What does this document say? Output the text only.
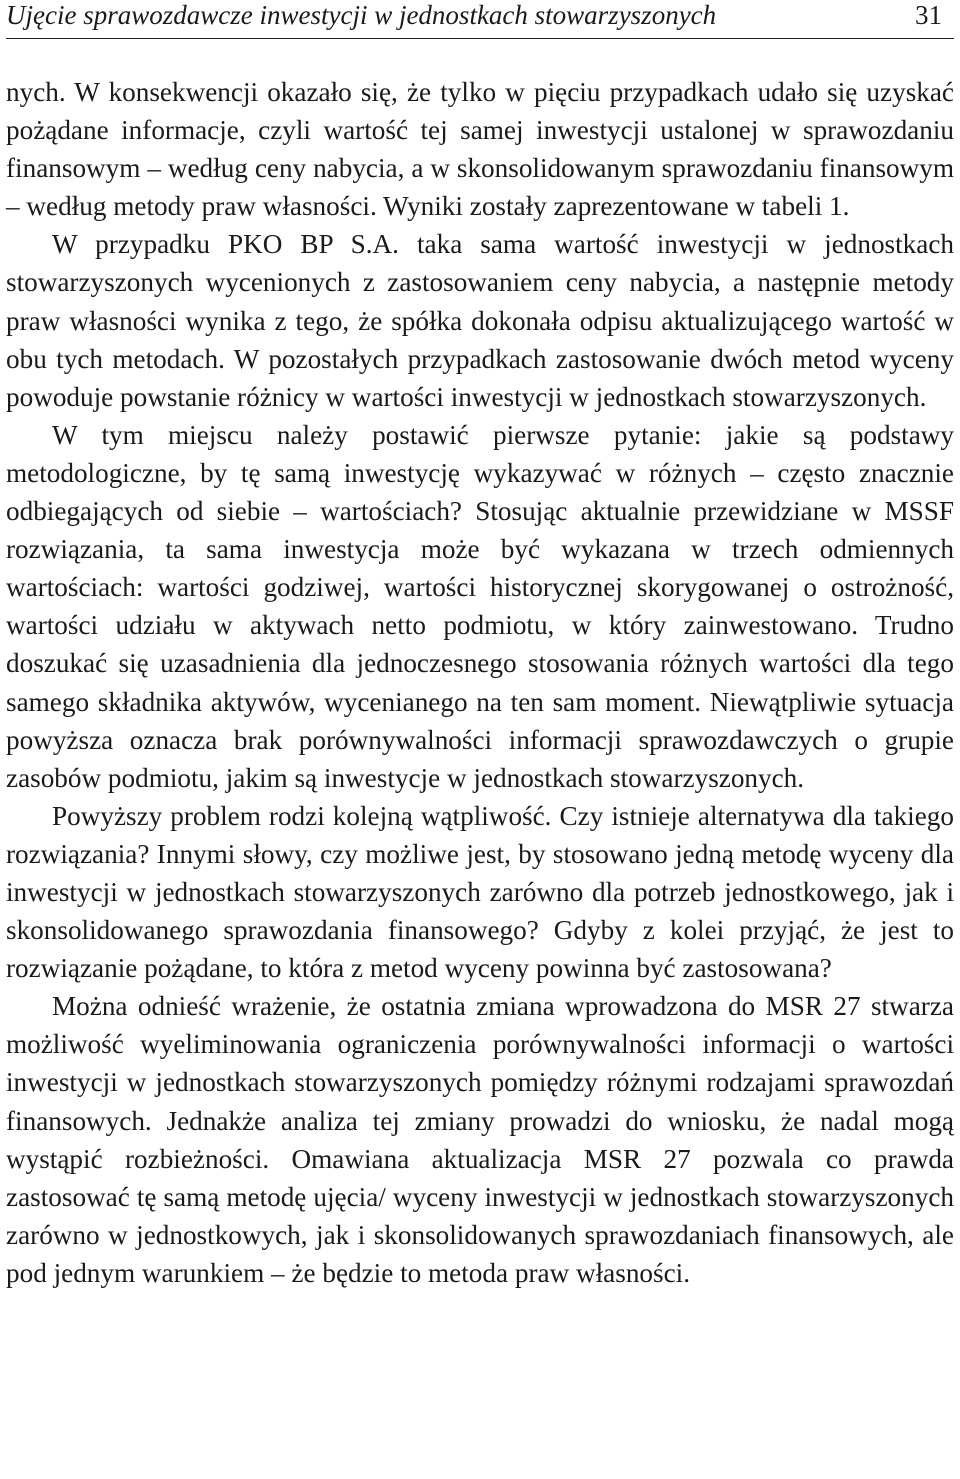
Ujęcie sprawozdawcze inwestycji w jednostkach stowarzyszonych	31

nych. W konsekwencji okazało się, że tylko w pięciu przypadkach udało się uzyskać pożądane informacje, czyli wartość tej samej inwestycji ustalonej w sprawozdaniu finansowym – według ceny nabycia, a w skonsolidowanym sprawozdaniu finansowym – według metody praw własności. Wyniki zostały zaprezentowane w tabeli 1.

W przypadku PKO BP S.A. taka sama wartość inwestycji w jednostkach stowarzyszonych wycenionych z zastosowaniem ceny nabycia, a następnie metody praw własności wynika z tego, że spółka dokonała odpisu aktualizującego wartość w obu tych metodach. W pozostałych przypadkach zastosowanie dwóch metod wyceny powoduje powstanie różnicy w wartości inwestycji w jednostkach stowarzyszonych.

W tym miejscu należy postawić pierwsze pytanie: jakie są podstawy metodologiczne, by tę samą inwestycję wykazywać w różnych – często znacznie odbiegających od siebie – wartościach? Stosując aktualnie przewidziane w MSSF rozwiązania, ta sama inwestycja może być wykazana w trzech odmiennych wartościach: wartości godziwej, wartości historycznej skorygowanej o ostrożność, wartości udziału w aktywach netto podmiotu, w który zainwestowano. Trudno doszukać się uzasadnienia dla jednoczesnego stosowania różnych wartości dla tego samego składnika aktywów, wycenianego na ten sam moment. Niewątpliwie sytuacja powyższa oznacza brak porównywalności informacji sprawozdawczych o grupie zasobów podmiotu, jakim są inwestycje w jednostkach stowarzyszonych.

Powyższy problem rodzi kolejną wątpliwość. Czy istnieje alternatywa dla takiego rozwiązania? Innymi słowy, czy możliwe jest, by stosowano jedną metodę wyceny dla inwestycji w jednostkach stowarzyszonych zarówno dla potrzeb jednostkowego, jak i skonsolidowanego sprawozdania finansowego? Gdyby z kolei przyjąć, że jest to rozwiązanie pożądane, to która z metod wyceny powinna być zastosowana?

Można odnieść wrażenie, że ostatnia zmiana wprowadzona do MSR 27 stwarza możliwość wyeliminowania ograniczenia porównywalności informacji o wartości inwestycji w jednostkach stowarzyszonych pomiędzy różnymi rodzajami sprawozdań finansowych. Jednakże analiza tej zmiany prowadzi do wniosku, że nadal mogą wystąpić rozbieżności. Omawiana aktualizacja MSR 27 pozwala co prawda zastosować tę samą metodę ujęcia/ wyceny inwestycji w jednostkach stowarzyszonych zarówno w jednostkowych, jak i skonsolidowanych sprawozdaniach finansowych, ale pod jednym warunkiem – że będzie to metoda praw własności.
